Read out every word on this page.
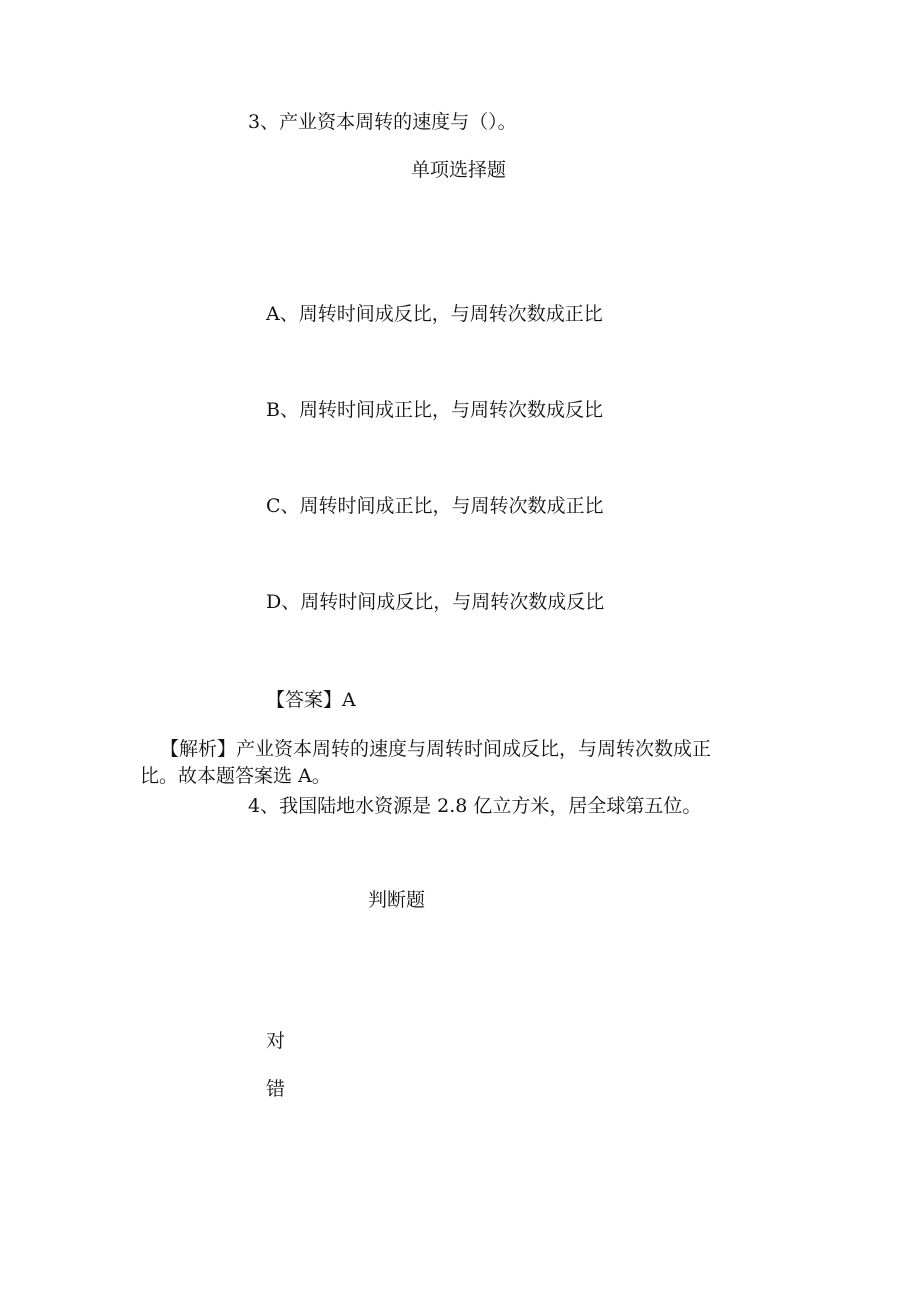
3、产业资本周转的速度与（）。

单项选择题

A、周转时间成反比，与周转次数成正比

B、周转时间成正比，与周转次数成反比

C、周转时间成正比，与周转次数成正比

D、周转时间成反比，与周转次数成反比

【答案】A

【解析】产业资本周转的速度与周转时间成反比，与周转次数成正

比。故本题答案选 A。

4、我国陆地水资源是 2.8 亿立方米，居全球第五位。

判断题

对

错
